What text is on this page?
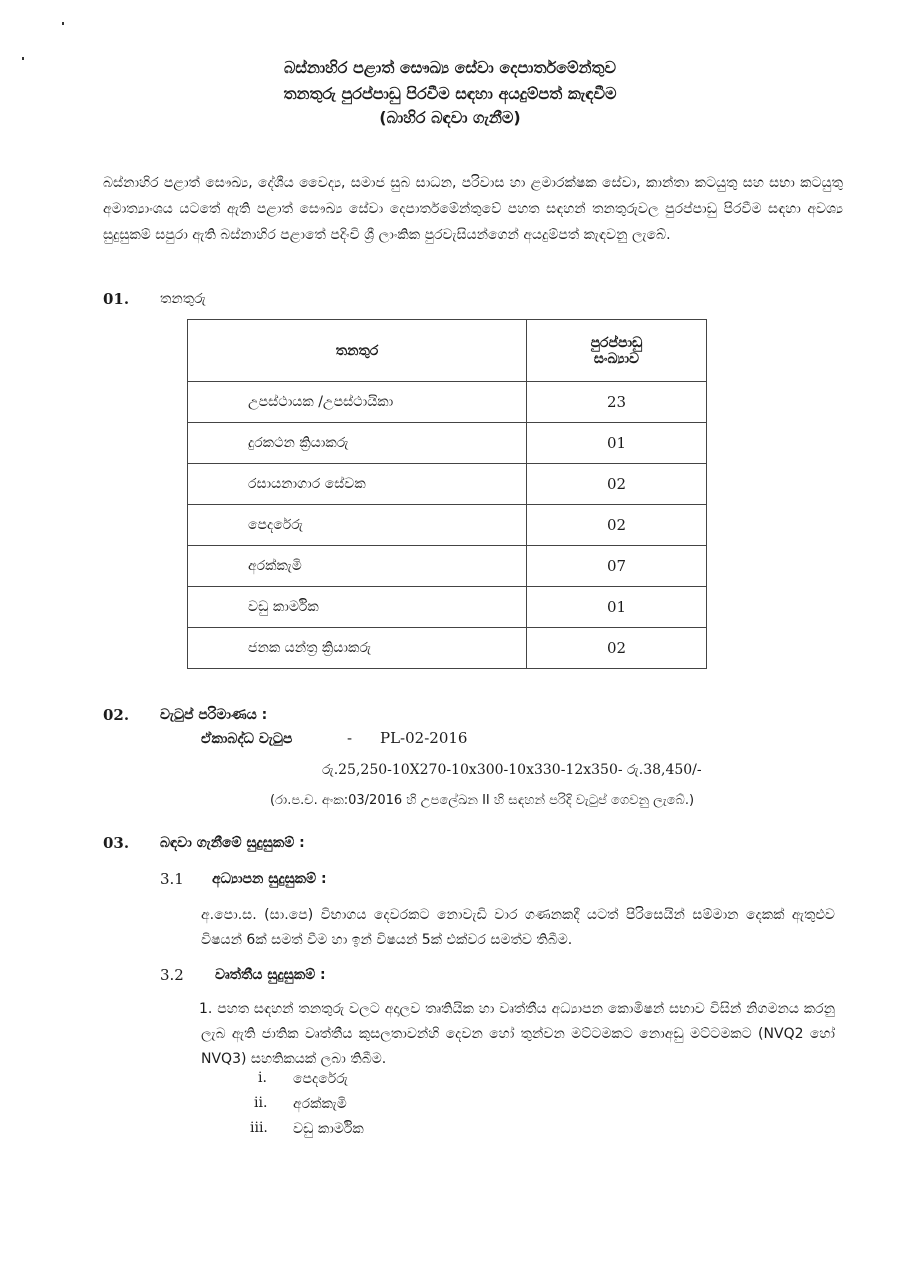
බස්නාහිර පළාත් සෞඛ්‍ය සේවා දෙපාර්තමේන්තුව
තනතුරු පුරප්පාඩු පිරවීම සඳහා අයදුම්පත් කැඳවීම
(බාහිර බඳවා ගැනීම)
බස්නාහිර පළාත් සෞඛ්‍ය, දේශීය වෛද්‍ය, සමාජ සුබ සාධන, පරිවාස හා ළමාරක්ෂක සේවා, කාන්තා කටයුතු සහ සභා කටයුතු අමාත්‍යාංශය යටතේ ඇති පළාත් සෞඛ්‍ය සේවා දෙපාර්තමේන්තුවේ පහත සඳහන් තනතුරුවල පුරප්පාඩු පිරවීම සඳහා අවශ්‍ය සුදුසුකම් සපුරා ඇති බස්නාහිර පළාතේ පදිංචි ශ්‍රී ලාංකික පුරවැසියන්ගෙන් අයදුම්පත් කැඳවනු ලැබේ.
01. තනතුරු
තනතුර	පුරප්පාඩු
සංඛ්‍යාව

උපස්ථායක /උපස්ථායිකා	23
දුරකථන ක්‍රියාකරු	01
රසායනාගාර සේවක	02
පෙදරේරු	02
අරක්කැමි	07
වඩු කාර්මික	01
ජනක යන්ත්‍ර ක්‍රියාකරු	02
02. වැටුප් පරිමාණය :
ඒකාබද්ධ වැටුප	- PL-02-2016
රු.25,250-10X270-10x300-10x330-12x350- රු.38,450/-
(රා.ප.ච. අංක:03/2016 හි උපලේඛන II හි සඳහන් පරිදි වැටුප් ගෙවනු ලැබේ.)
03. බඳවා ගැනීමේ සුදුසුකම් :
3.1 අධ්‍යාපන සුදුසුකම් :
අ.පො.ස. (සා.පෙ) විභාගය දෙවරකට නොවැඩි වාර ගණනකදී යටත් පිරිසෙයින් සම්මාන දෙකක් ඇතුළුව විෂයන් 6ක් සමත් වීම හා ඉන් විෂයන් 5ක් එක්වර සමත්ව තිබීම.
3.2 වෘත්තීය සුදුසුකම් :
1. පහත සඳහන් තනතුරු වලට අදාලව තෘතියික හා වෘත්තීය අධ්‍යාපන කොමිෂන් සභාව විසින් නිගමනය කරනු ලැබ ඇති ජාතික වෘත්තීය කුසලතාවන්හි දෙවන හෝ තුන්වන මට්ටමකට නොඅඩු මට්ටමකට (NVQ2 හෝ NVQ3) සහතිකයක් ලබා තිබීම.
i. පෙදරේරු
ii. අරක්කැමි
iii. වඩු කාර්මික
